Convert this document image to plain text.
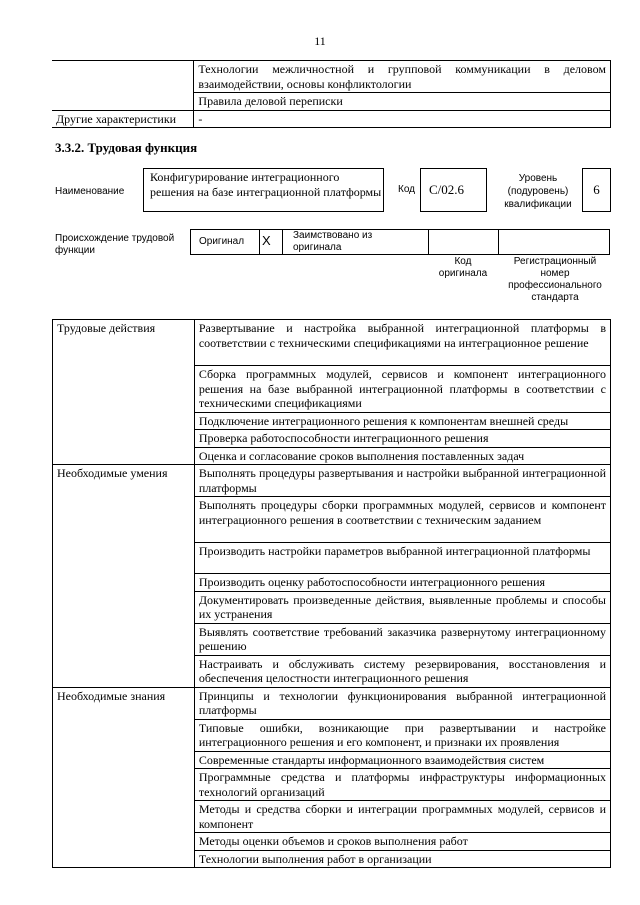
11
	Технологии межличностной и групповой коммуникации в деловом взаимодействии, основы конфликтологии
	Правила деловой переписки
Другие характеристики	-
3.3.2. Трудовая функция
Наименование
Конфигурирование интеграционного решения на базе интеграционной платформы Код	С/02.6
Уровень (подуровень) квалификации
6
Происхождение трудовой функции
Оригинал X Заимствовано из оригинала
Код оригинала
Регистрационный номер профессионального стандарта
Трудовые действия	Развертывание и настройка выбранной интеграционной платформы в соответствии с техническими спецификациями на интеграционное решение
	Сборка программных модулей, сервисов и компонент интеграционного решения на базе выбранной интеграционной платформы в соответствии с техническими спецификациями
	Подключение интеграционного решения к компонентам внешней среды
	Проверка работоспособности интеграционного решения
	Оценка и согласование сроков выполнения поставленных задач
Необходимые умения	Выполнять процедуры развертывания и настройки выбранной интеграционной платформы
	Выполнять процедуры сборки программных модулей, сервисов и компонент интеграционного решения в соответствии с техническим заданием
	Производить настройки параметров выбранной интеграционной платформы
	Производить оценку работоспособности интеграционного решения
	Документировать произведенные действия, выявленные проблемы и способы их устранения
	Выявлять соответствие требований заказчика развернутому интеграционному решению
	Настраивать и обслуживать систему резервирования, восстановления и обеспечения целостности интеграционного решения
Необходимые знания	Принципы и технологии функционирования выбранной интеграционной платформы
	Типовые ошибки, возникающие при развертывании и настройке интеграционного решения и его компонент, и признаки их проявления
	Современные стандарты информационного взаимодействия систем
	Программные средства и платформы инфраструктуры информационных технологий организаций
	Методы и средства сборки и интеграции программных модулей, сервисов и компонент
	Методы оценки объемов и сроков выполнения работ
	Технологии выполнения работ в организации
